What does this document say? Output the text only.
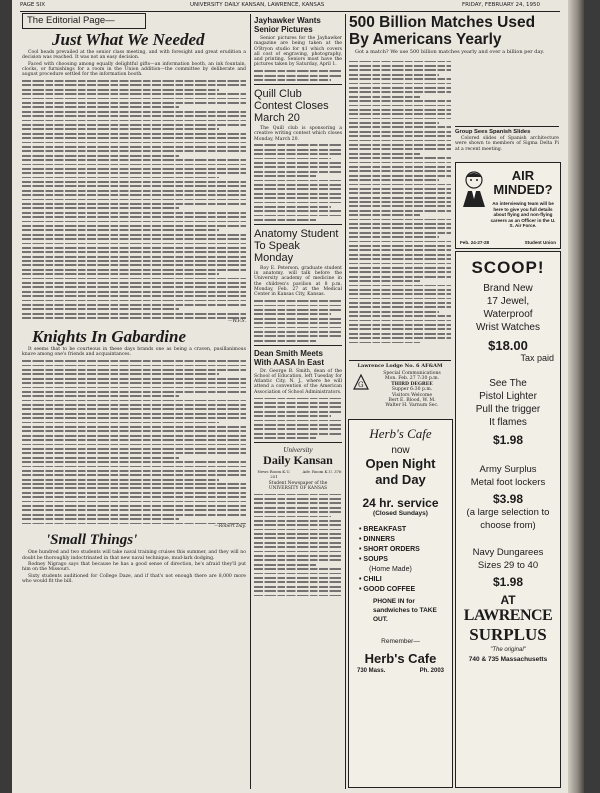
PAGE SIX	UNIVERSITY DAILY KANSAN, LAWRENCE, KANSAS	FRIDAY, FEBRUARY 24, 1950
The Editorial Page—
Just What We Needed

Cool heads prevailed at the senior class meeting, and with foresight and great erudition a decision was reached. It was not an easy decision.

Faced with choosing among equally delightful gifts—an information booth, an ink fountain, clocks, or furnishings for a room in the Union addition—the committee by deliberate and august procedure settled for the information booth.

—W.F.S.
Knights In Gabardine

It seems that to be courteous in these days brands one as being a craven, pusillanimous knave among one's friends and acquaintances.

—Robert Day.
'Small Things'

One hundred and two students will take naval training cruises this summer, and they will no doubt be thoroughly indoctrinated in that new naval technique, mud-lark dodging.

Rodney Nigrago says that because he has a good sense of direction, he's afraid they'll put him on the Missouri.

Sixty students auditioned for College Daze, and if that's not enough there are 8,000 more who would fit the bill.

Jayhawker Wants Senior Pictures

Senior pictures for the Jayhawker magazine are being taken at the O'Bryon studio for $1 which covers all cost of engraving, photography, and printing. Seniors must have the pictures taken by Saturday, April 1.

Quill Club Contest Closes March 20

The Quill club is sponsoring a creative writing contest which closes Monday, March 20.

Anatomy Student To Speak Monday

Roy E. Peterson, graduate student in anatomy, will talk before the University academy of medicine in the children's pavilion at 8 p.m. Monday, Feb. 27 at the Medical Center in Kansas City, Kansas.

Dean Smith Meets With AASA In East

Dr. George B. Smith, dean of the School of Education, left Tuesday for Atlantic City, N. J., where he will attend a convention of the American Association of School Administrators.

University
Daily Kansan
News Room K.U. 251
Adv. Room K.U. 376
Student Newspaper of the UNIVERSITY OF KANSAS
Herb's Cafe
now
Open Night and Day
24 hr. service
(Closed Sundays)
• BREAKFAST
• DINNERS
• SHORT ORDERS
• SOUPS
(Home Made)
• CHILI
• GOOD COFFEE
PHONE IN for sandwiches to TAKE OUT.
Remember—
Herb's Cafe
730 Mass.	Ph. 2003
500 Billion Matches Used By Americans Yearly

Got a match? We use 500 billion matches yearly and over a billion per day.

Group Sees Spanish Slides

Colored slides of Spanish architecture were shown to members of Sigma Delta Pi at a recent meeting.

Lawrence Lodge No. 6 AF&AM
G
Special Communications
Mon. Feb. 27 7:30 p.m.
THIRD DEGREE
Supper 6:30 p.m.
Visitors Welcome
Bert E. Blood, W. M.
Walter H. Varnum Sec.
AIR MINDED?
An interviewing team will be here to give you full details about flying and non-flying careers as an Officer in the U. S. Air Force.
Feb. 24-27-28	Student Union
SCOOP!
Brand New
17 Jewel,
Waterproof
Wrist Watches
$18.00
Tax paid
See The
Pistol Lighter
Pull the trigger
It flames
$1.98
Army Surplus
Metal foot lockers
$3.98
(a large selection to
choose from)
Navy Dungarees
Sizes 29 to 40
$1.98
AT
LAWRENCE
SURPLUS
"The original"
740 & 735 Massachusetts
